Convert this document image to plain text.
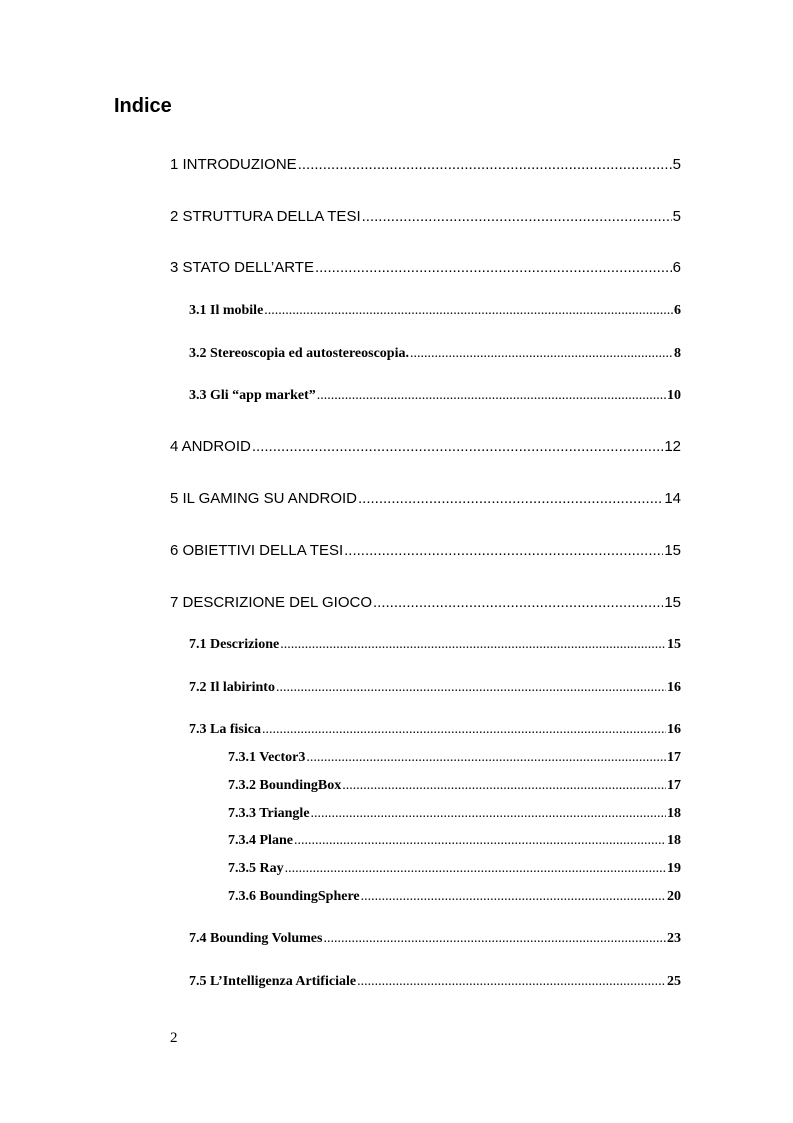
Indice
1 INTRODUZIONE .....	5
2 STRUTTURA DELLA TESI .....	5
3 STATO DELL’ARTE .....	6
3.1 Il mobile .....	6
3.2 Stereoscopia ed autostereoscopia. .....	8
3.3 Gli “app market” .....	10
4 ANDROID .....	12
5 IL GAMING SU ANDROID .....	14
6 OBIETTIVI DELLA TESI .....	15
7 DESCRIZIONE DEL GIOCO .....	15
7.1 Descrizione .....	15
7.2 Il labirinto .....	16
7.3 La fisica .....	16
7.3.1 Vector3 .....	17
7.3.2 BoundingBox .....	17
7.3.3 Triangle .....	18
7.3.4 Plane .....	18
7.3.5 Ray .....	19
7.3.6 BoundingSphere .....	20
7.4 Bounding Volumes .....	23
7.5 L’Intelligenza Artificiale .....	25
2
